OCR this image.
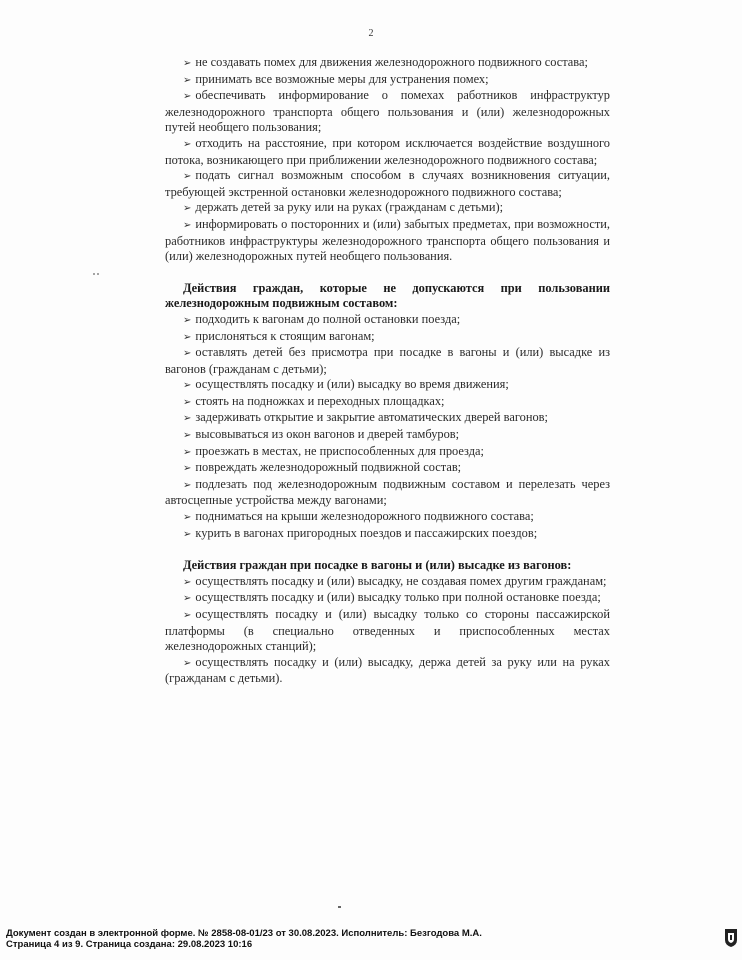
2

➢ не создавать помех для движения железнодорожного подвижного состава;

➢ принимать все возможные меры для устранения помех;

➢ обеспечивать информирование о помехах работников инфраструктур железнодорожного транспорта общего пользования и (или) железнодорожных путей необщего пользования;

➢ отходить на расстояние, при котором исключается воздействие воздушного потока, возникающего при приближении железнодорожного подвижного состава;

➢ подать сигнал возможным способом в случаях возникновения ситуации, требующей экстренной остановки железнодорожного подвижного состава;

➢ держать детей за руку или на руках (гражданам с детьми);

➢ информировать о посторонних и (или) забытых предметах, при возможности, работников инфраструктуры железнодорожного транспорта общего пользования и (или) железнодорожных путей необщего пользования.

Действия граждан, которые не допускаются при пользовании железнодорожным подвижным составом:

➢ подходить к вагонам до полной остановки поезда;

➢ прислоняться к стоящим вагонам;

➢ оставлять детей без присмотра при посадке в вагоны и (или) высадке из вагонов (гражданам с детьми);

➢ осуществлять посадку и (или) высадку во время движения;

➢ стоять на подножках и переходных площадках;

➢ задерживать открытие и закрытие автоматических дверей вагонов;

➢ высовываться из окон вагонов и дверей тамбуров;

➢ проезжать в местах, не приспособленных для проезда;

➢ повреждать железнодорожный подвижной состав;

➢ подлезать под железнодорожным подвижным составом и перелезать через автосцепные устройства между вагонами;

➢ подниматься на крыши железнодорожного подвижного состава;

➢ курить в вагонах пригородных поездов и пассажирских поездов;

Действия граждан при посадке в вагоны и (или) высадке из вагонов:

➢ осуществлять посадку и (или) высадку, не создавая помех другим гражданам;

➢ осуществлять посадку и (или) высадку только при полной остановке поезда;

➢ осуществлять посадку и (или) высадку только со стороны пассажирской платформы (в специально отведенных и приспособленных местах железнодорожных станций);

➢ осуществлять посадку и (или) высадку, держа детей за руку или на руках (гражданам с детьми).

Документ создан в электронной форме. № 2858-08-01/23 от 30.08.2023. Исполнитель: Безгодова М.А.
Страница 4 из 9. Страница создана: 29.08.2023 10:16
